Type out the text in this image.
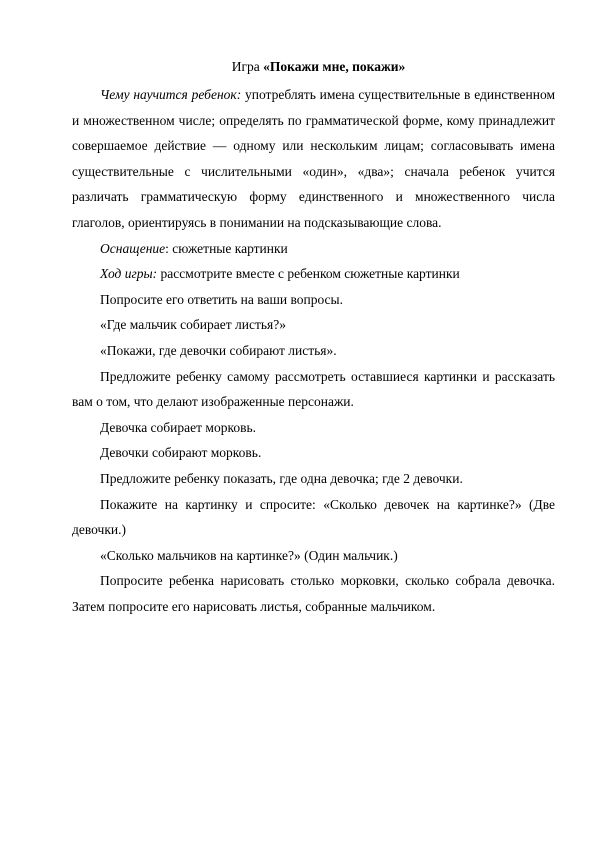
Игра «Покажи мне, покажи»

Чему научится ребенок: употреблять имена существительные в единственном и множественном числе; определять по грамматической форме, кому принадлежит совершаемое действие — одному или нескольким лицам; согласовывать имена существительные с числительными «один», «два»; сначала ребенок учится различать грамматическую форму единственного и множественного числа глаголов, ориентируясь в понимании на подсказывающие слова.

Оснащение: сюжетные картинки

Ход игры: рассмотрите вместе с ребенком сюжетные картинки

Попросите его ответить на ваши вопросы.

«Где мальчик собирает листья?»

«Покажи, где девочки собирают листья».

Предложите ребенку самому рассмотреть оставшиеся картинки и рассказать вам о том, что делают изображенные персонажи.

Девочка собирает морковь.

Девочки собирают морковь.

Предложите ребенку показать, где одна девочка; где 2 девочки.

Покажите на картинку и спросите: «Сколько девочек на картинке?» (Две девочки.)

«Сколько мальчиков на картинке?» (Один мальчик.)

Попросите ребенка нарисовать столько морковки, сколько собрала девочка. Затем попросите его нарисовать листья, собранные мальчиком.
